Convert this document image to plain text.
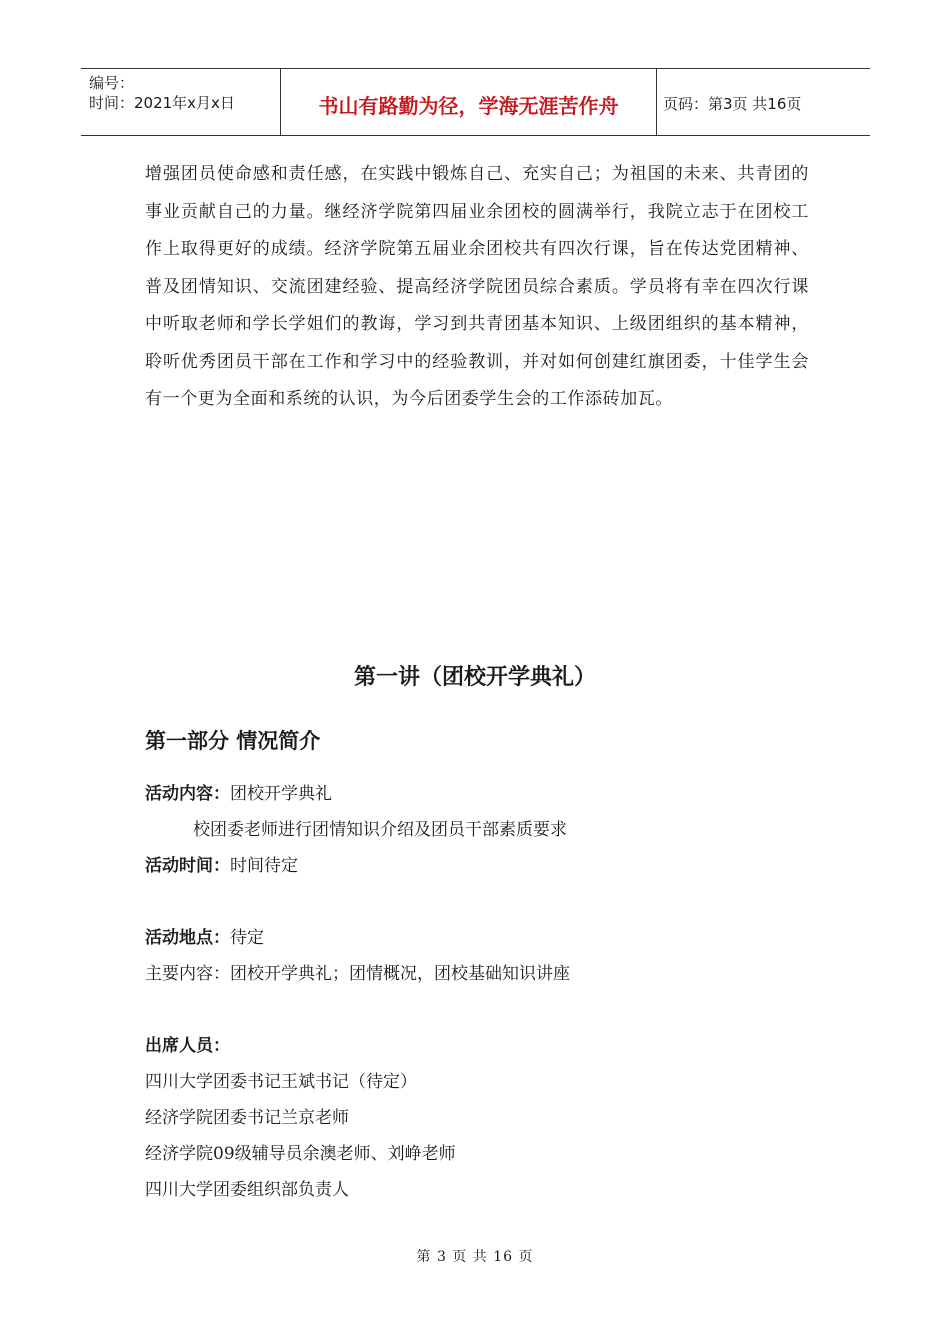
编号：
时间：2021年x月x日	书山有路勤为径，学海无涯苦作舟	页码：第3页 共16页
增强团员使命感和责任感，在实践中锻炼自己、充实自己；为祖国的未来、共青团的事业贡献自己的力量。继经济学院第四届业余团校的圆满举行，我院立志于在团校工作上取得更好的成绩。经济学院第五届业余团校共有四次行课，旨在传达党团精神、普及团情知识、交流团建经验、提高经济学院团员综合素质。学员将有幸在四次行课中听取老师和学长学姐们的教诲，学习到共青团基本知识、上级团组织的基本精神，聆听优秀团员干部在工作和学习中的经验教训，并对如何创建红旗团委，十佳学生会有一个更为全面和系统的认识，为今后团委学生会的工作添砖加瓦。
第一讲（团校开学典礼）
第一部分 情况简介
活动内容：团校开学典礼
校团委老师进行团情知识介绍及团员干部素质要求
活动时间：时间待定
活动地点：待定
主要内容：团校开学典礼；团情概况，团校基础知识讲座
出席人员：
四川大学团委书记王斌书记（待定）
经济学院团委书记兰京老师
经济学院09级辅导员余澳老师、刘峥老师
四川大学团委组织部负责人
第 3 页 共 16 页
